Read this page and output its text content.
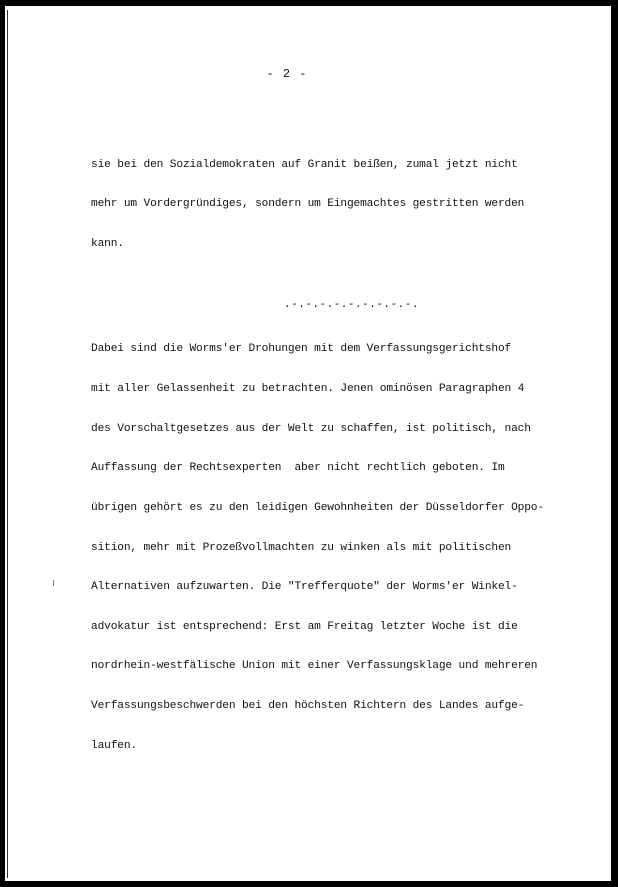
- 2 -

sie bei den Sozialdemokraten auf Granit beißen, zumal jetzt nicht

mehr um Vordergründiges, sondern um Eingemachtes gestritten werden

kann.

Dabei sind die Worms'er Drohungen mit dem Verfassungsgerichtshof

mit aller Gelassenheit zu betrachten. Jenen ominösen Paragraphen 4

des Vorschaltgesetzes aus der Welt zu schaffen, ist politisch, nach

Auffassung der Rechtsexperten  aber nicht rechtlich geboten. Im

übrigen gehört es zu den leidigen Gewohnheiten der Düsseldorfer Oppo-

sition, mehr mit Prozeßvollmachten zu winken als mit politischen

Alternativen aufzuwarten. Die "Trefferquote" der Worms'er Winkel-

advokatur ist entsprechend: Erst am Freitag letzter Woche ist die

nordrhein-westfälische Union mit einer Verfassungsklage und mehreren

Verfassungsbeschwerden bei den höchsten Richtern des Landes aufge-

laufen.

.-.-.-.-.-.-.-.-.-.
